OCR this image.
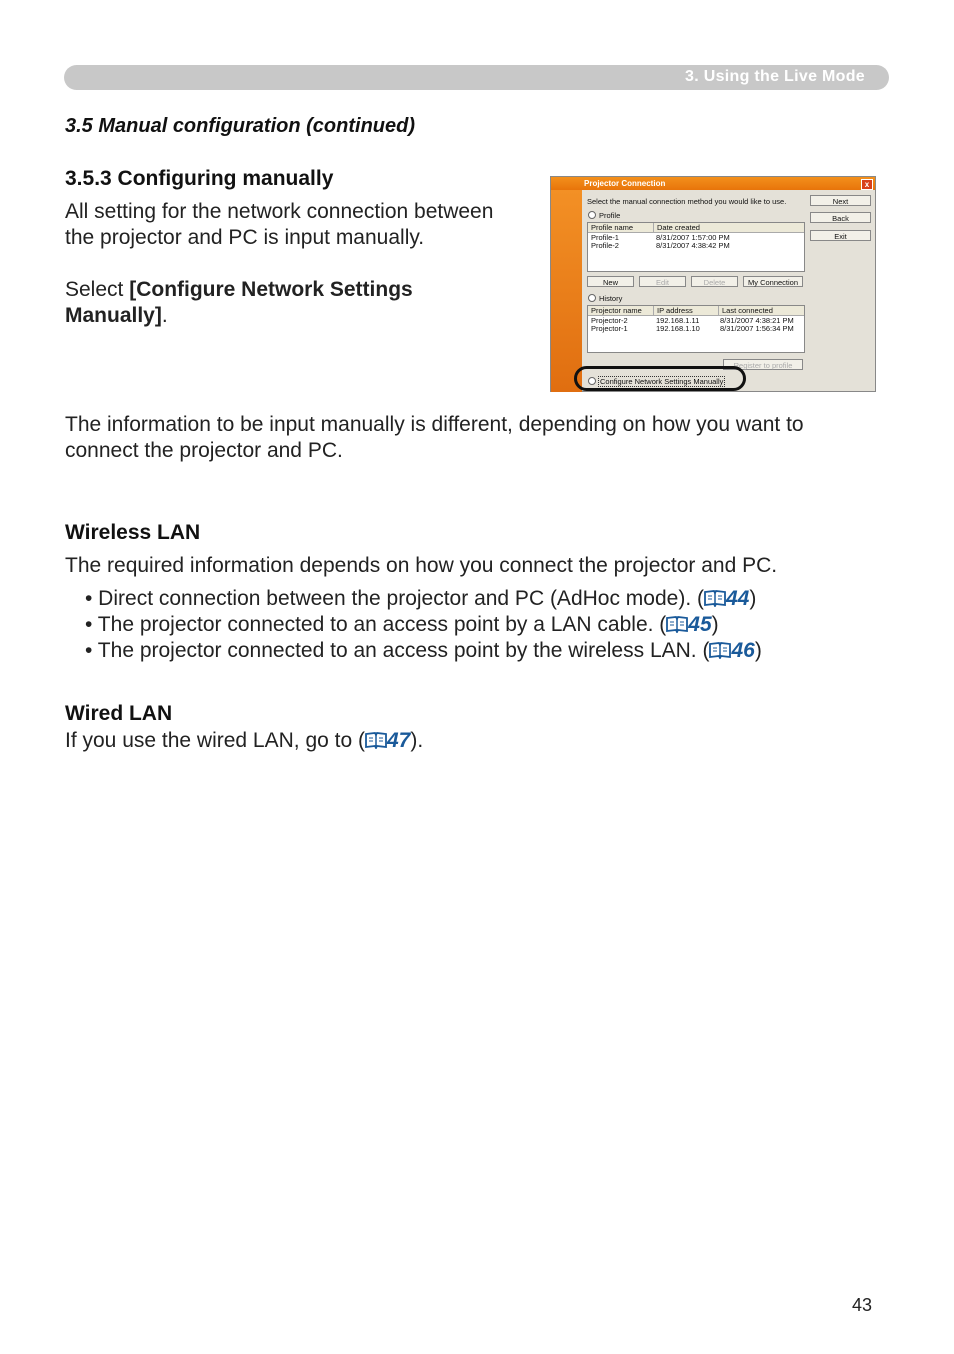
3. Using the Live Mode
3.5 Manual configuration (continued)
3.5.3 Configuring manually
All setting for the network connection between
the projector and PC is input manually.
Select [Configure Network Settings
Manually].
Projector Connection	x
Select the manual connection method you would like to use.
Profile
Profile name	Date created
Profile-1	8/31/2007 1:57:00 PM
Profile-2	8/31/2007 4:38:42 PM
New	Edit	Delete	My Connection
History
Projector name	IP address	Last connected
Projector-2	192.168.1.11	8/31/2007 4:38:21 PM
Projector-1	192.168.1.10	8/31/2007 1:56:34 PM
Register to profile
Configure Network Settings Manually
Next
Back
Exit
The information to be input manually is different, depending on how you want to
connect the projector and PC.
Wireless LAN
The required information depends on how you connect the projector and PC.
• Direct connection between the projector and PC (AdHoc mode). ( 44)
• The projector connected to an access point by a LAN cable. ( 45)
• The projector connected to an access point by the wireless LAN. ( 46)
Wired LAN
If you use the wired LAN, go to ( 47).
43
